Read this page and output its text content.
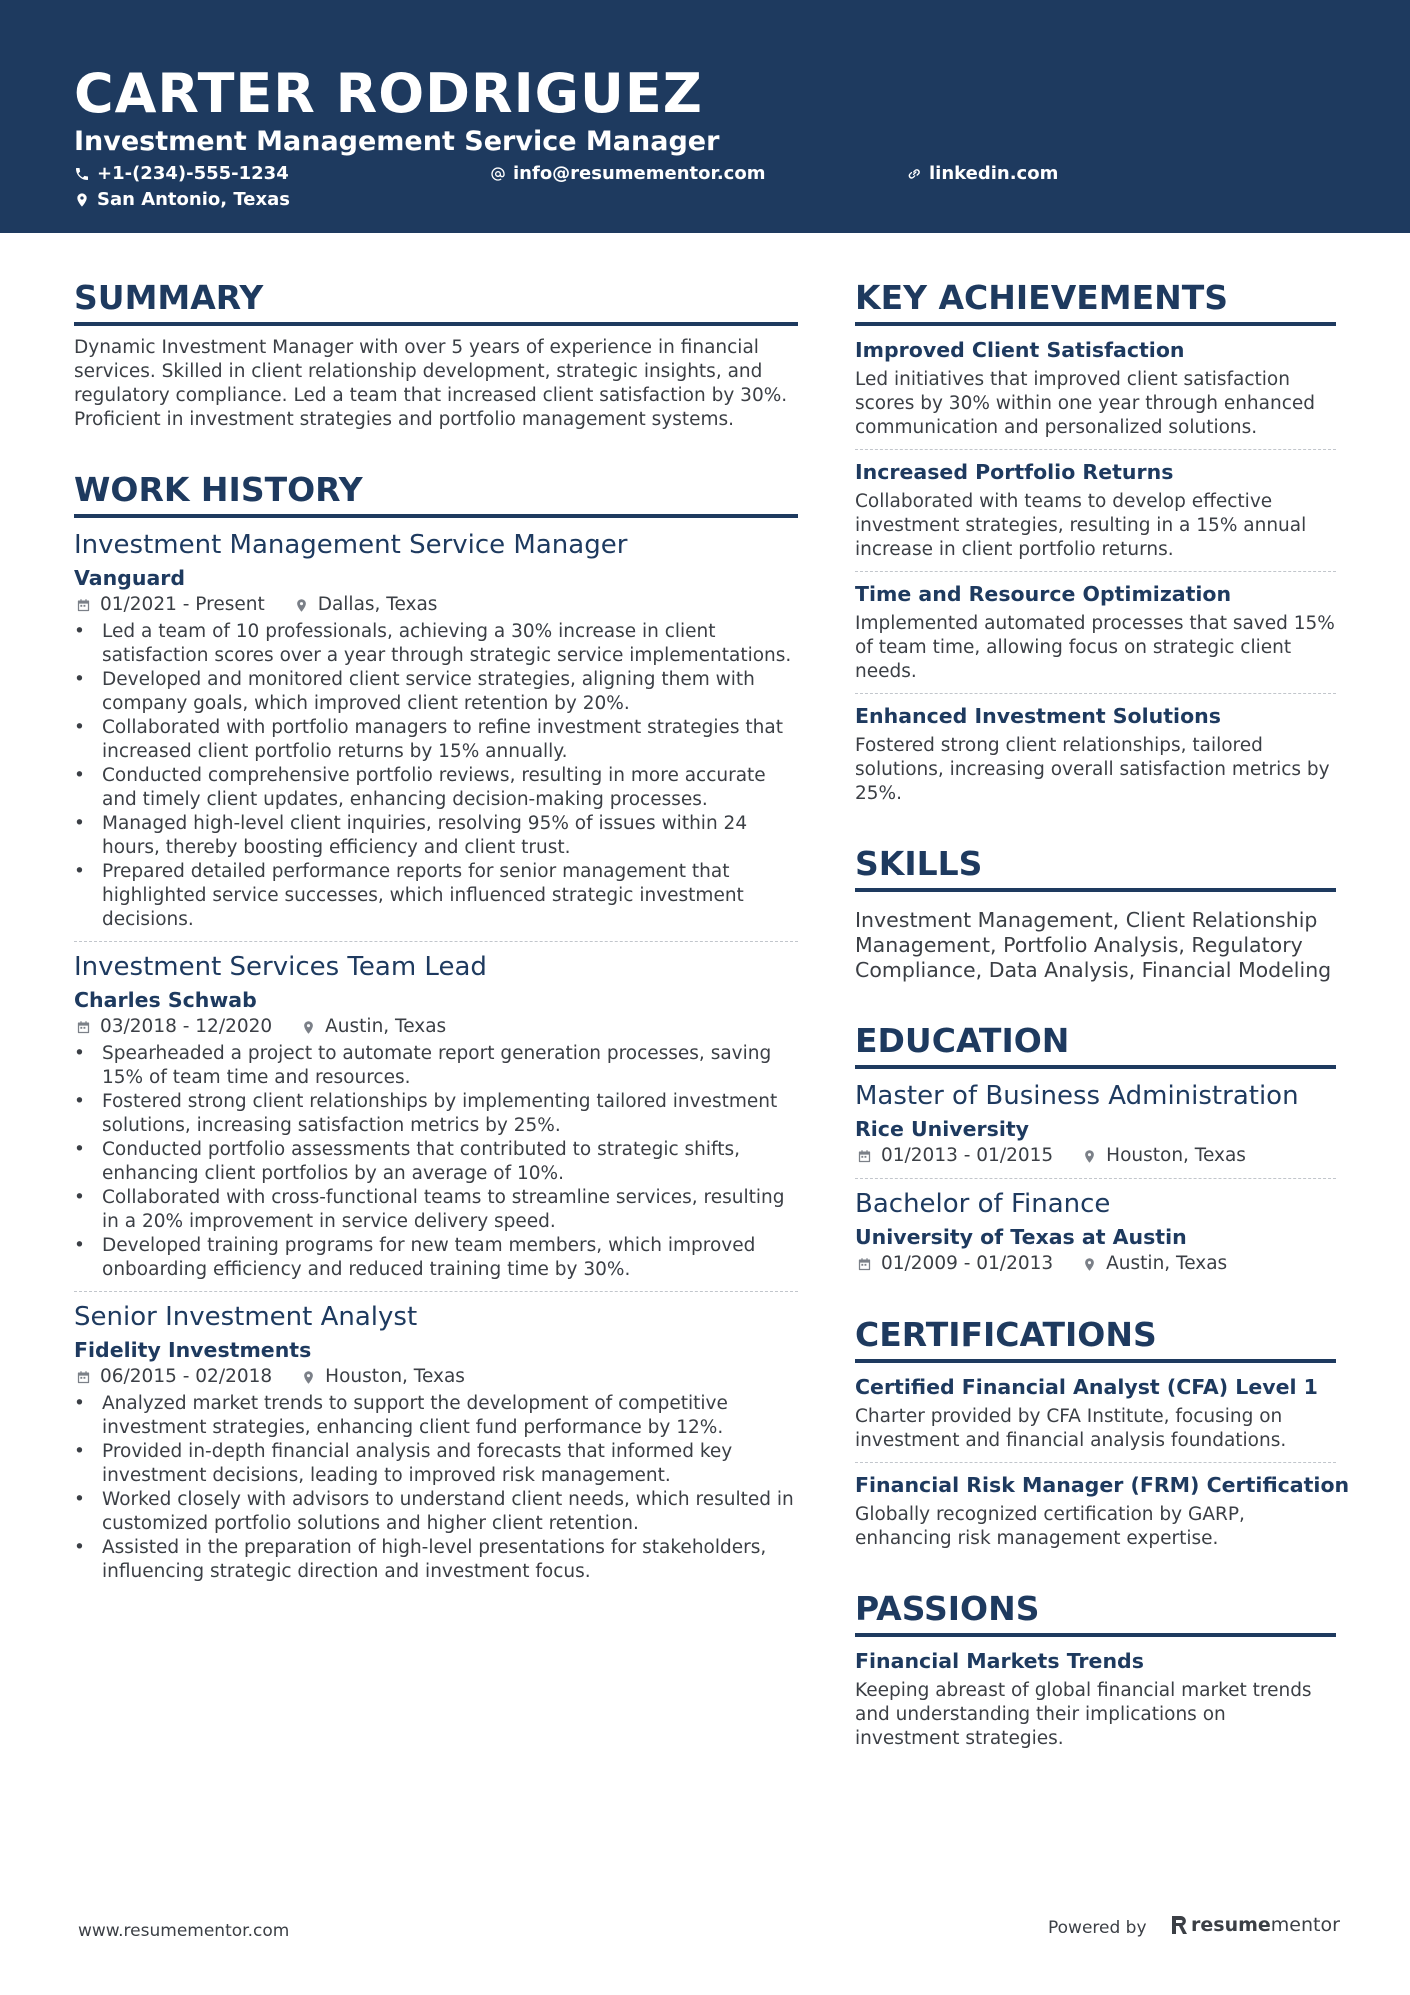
CARTER RODRIGUEZ
Investment Management Service Manager
+1-(234)-555-1234	info@resumementor.com	linkedin.com
San Antonio, Texas
SUMMARY
Dynamic Investment Manager with over 5 years of experience in financial services. Skilled in client relationship development, strategic insights, and regulatory compliance. Led a team that increased client satisfaction by 30%. Proficient in investment strategies and portfolio management systems.
WORK HISTORY
Investment Management Service Manager
Vanguard
01/2021 - Present	Dallas, Texas
• Led a team of 10 professionals, achieving a 30% increase in client satisfaction scores over a year through strategic service implementations.
• Developed and monitored client service strategies, aligning them with company goals, which improved client retention by 20%.
• Collaborated with portfolio managers to refine investment strategies that increased client portfolio returns by 15% annually.
• Conducted comprehensive portfolio reviews, resulting in more accurate and timely client updates, enhancing decision-making processes.
• Managed high-level client inquiries, resolving 95% of issues within 24 hours, thereby boosting efficiency and client trust.
• Prepared detailed performance reports for senior management that highlighted service successes, which influenced strategic investment decisions.
Investment Services Team Lead
Charles Schwab
03/2018 - 12/2020	Austin, Texas
• Spearheaded a project to automate report generation processes, saving 15% of team time and resources.
• Fostered strong client relationships by implementing tailored investment solutions, increasing satisfaction metrics by 25%.
• Conducted portfolio assessments that contributed to strategic shifts, enhancing client portfolios by an average of 10%.
• Collaborated with cross-functional teams to streamline services, resulting in a 20% improvement in service delivery speed.
• Developed training programs for new team members, which improved onboarding efficiency and reduced training time by 30%.
Senior Investment Analyst
Fidelity Investments
06/2015 - 02/2018	Houston, Texas
• Analyzed market trends to support the development of competitive investment strategies, enhancing client fund performance by 12%.
• Provided in-depth financial analysis and forecasts that informed key investment decisions, leading to improved risk management.
• Worked closely with advisors to understand client needs, which resulted in customized portfolio solutions and higher client retention.
• Assisted in the preparation of high-level presentations for stakeholders, influencing strategic direction and investment focus.
KEY ACHIEVEMENTS
Improved Client Satisfaction
Led initiatives that improved client satisfaction scores by 30% within one year through enhanced communication and personalized solutions.
Increased Portfolio Returns
Collaborated with teams to develop effective investment strategies, resulting in a 15% annual increase in client portfolio returns.
Time and Resource Optimization
Implemented automated processes that saved 15% of team time, allowing focus on strategic client needs.
Enhanced Investment Solutions
Fostered strong client relationships, tailored solutions, increasing overall satisfaction metrics by 25%.
SKILLS
Investment Management, Client Relationship Management, Portfolio Analysis, Regulatory Compliance, Data Analysis, Financial Modeling
EDUCATION
Master of Business Administration
Rice University
01/2013 - 01/2015	Houston, Texas
Bachelor of Finance
University of Texas at Austin
01/2009 - 01/2013	Austin, Texas
CERTIFICATIONS
Certified Financial Analyst (CFA) Level 1
Charter provided by CFA Institute, focusing on investment and financial analysis foundations.
Financial Risk Manager (FRM) Certification
Globally recognized certification by GARP, enhancing risk management expertise.
PASSIONS
Financial Markets Trends
Keeping abreast of global financial market trends and understanding their implications on investment strategies.
www.resumementor.com	Powered by resume mentor
